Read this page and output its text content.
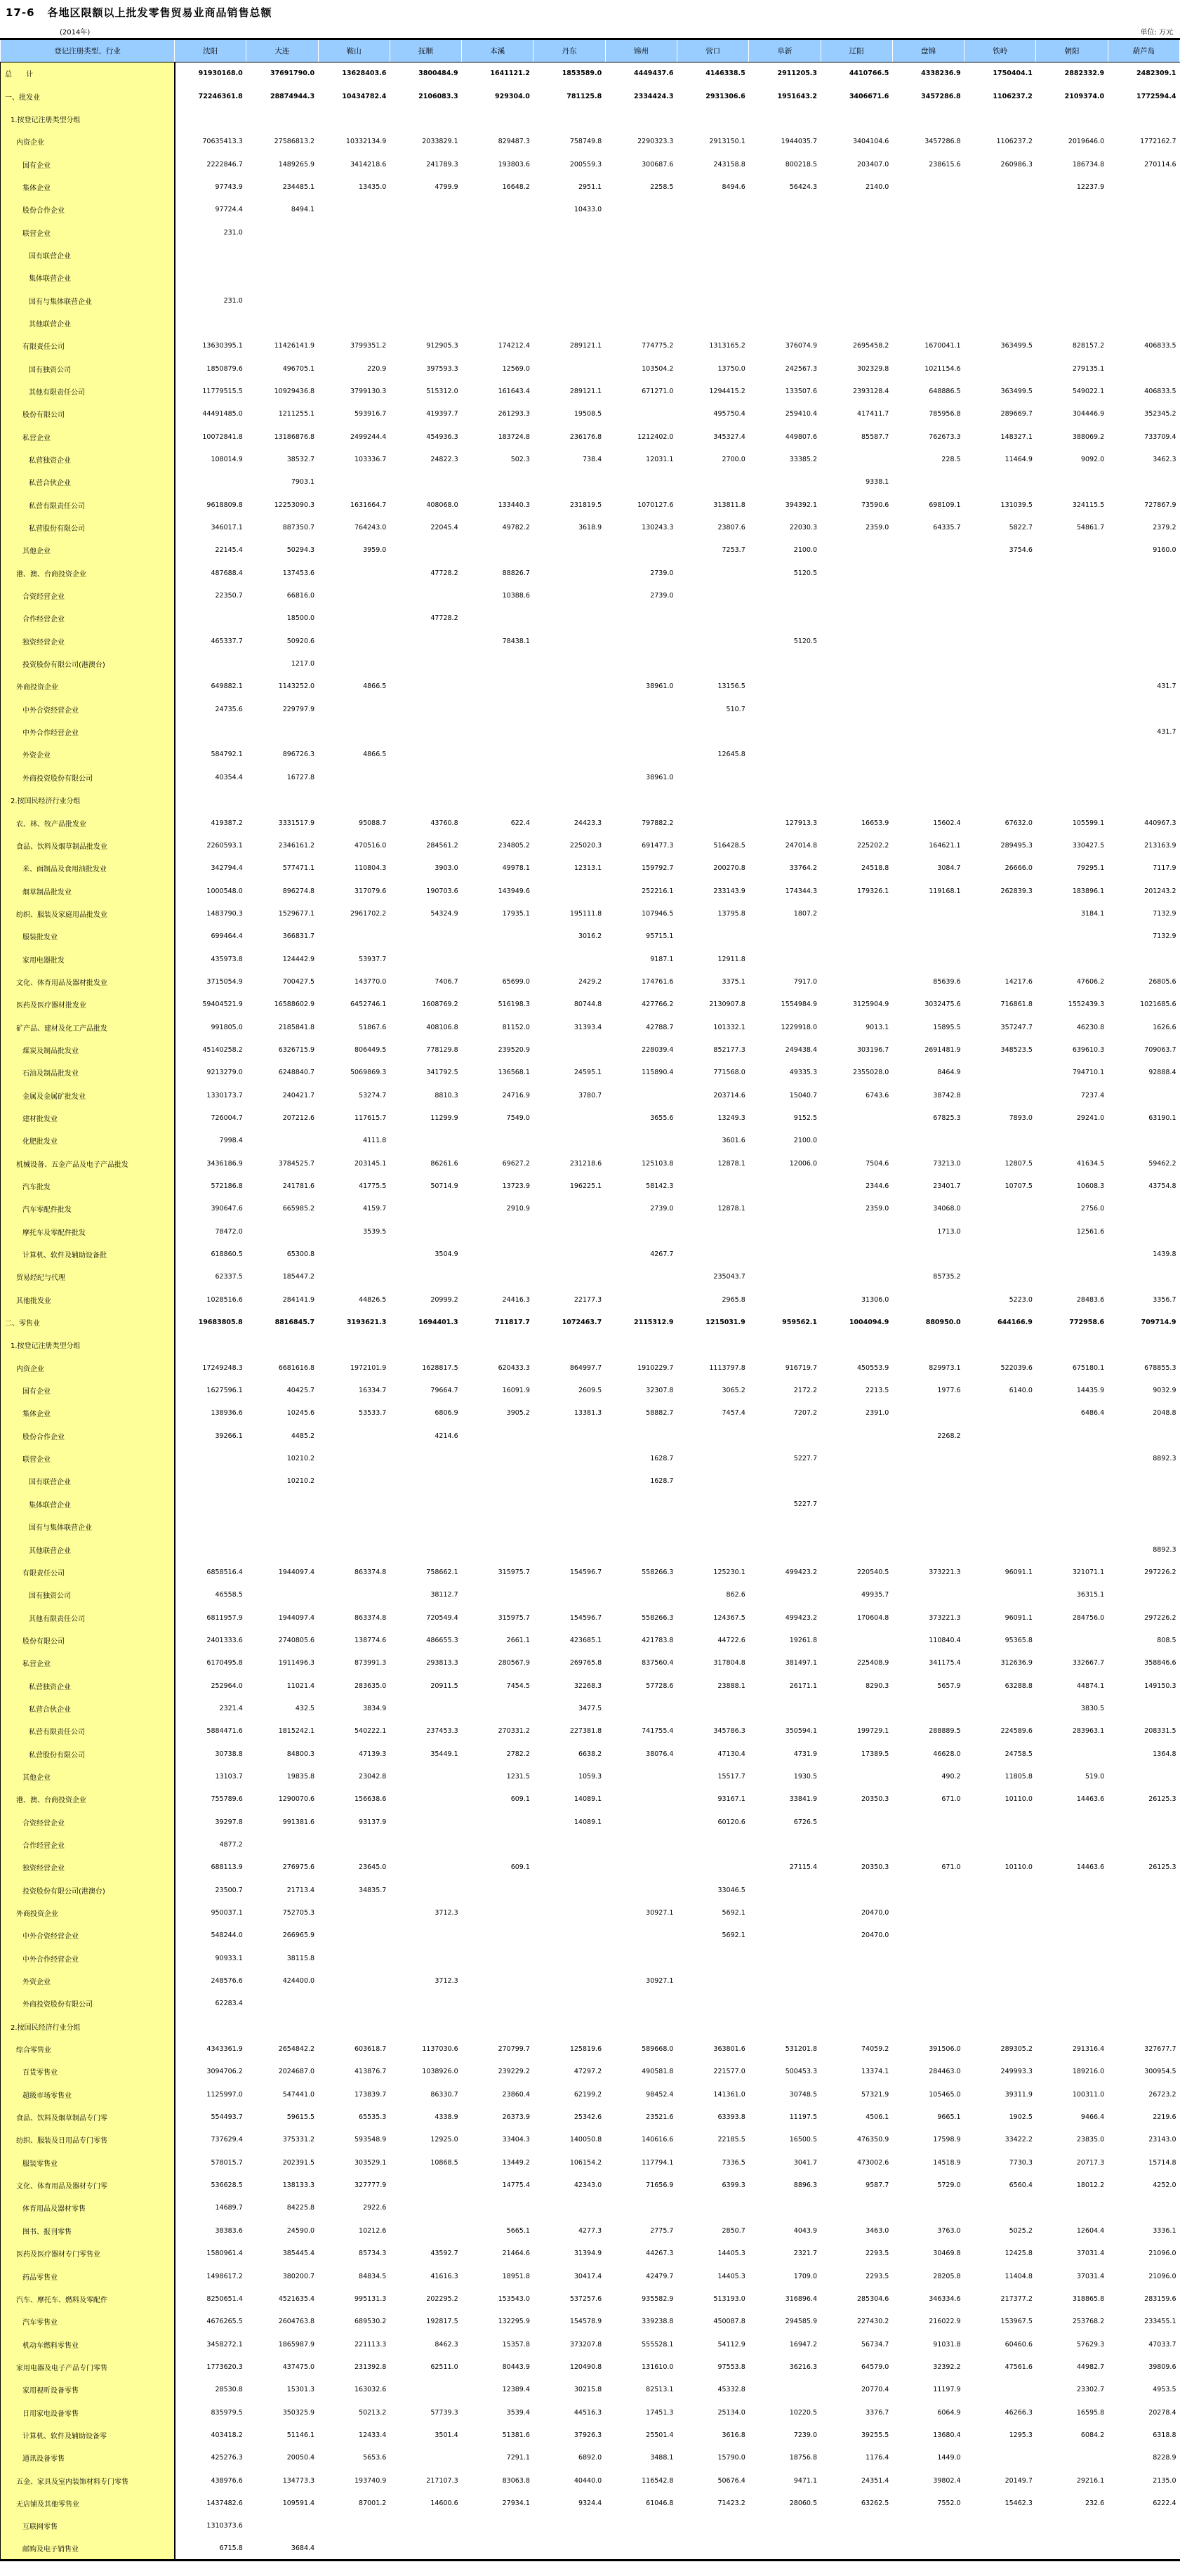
17-6 各地区限额以上批发零售贸易业商品销售总额
(2014年)	单位: 万元
登记注册类型、行业	沈阳	大连	鞍山	抚顺	本溪	丹东	锦州	营口	阜新	辽阳	盘锦	铁岭	朝阳	葫芦岛
总　　计	91930168.0	37691790.0	13628403.6	3800484.9	1641121.2	1853589.0	4449437.6	4146338.5	2911205.3	4410766.5	4338236.9	1750404.1	2882332.9	2482309.1
一、批发业	72246361.8	28874944.3	10434782.4	2106083.3	929304.0	781125.8	2334424.3	2931306.6	1951643.2	3406671.6	3457286.8	1106237.2	2109374.0	1772594.4
1.按登记注册类型分组														
内资企业	70635413.3	27586813.2	10332134.9	2033829.1	829487.3	758749.8	2290323.3	2913150.1	1944035.7	3404104.6	3457286.8	1106237.2	2019646.0	1772162.7
国有企业	2222846.7	1489265.9	3414218.6	241789.3	193803.6	200559.3	300687.6	243158.8	800218.5	203407.0	238615.6	260986.3	186734.8	270114.6
集体企业	97743.9	234485.1	13435.0	4799.9	16648.2	2951.1	2258.5	8494.6	56424.3	2140.0			12237.9	
股份合作企业	97724.4	8494.1				10433.0								
联营企业	231.0													
国有联营企业														
集体联营企业														
国有与集体联营企业	231.0													
其他联营企业														
有限责任公司	13630395.1	11426141.9	3799351.2	912905.3	174212.4	289121.1	774775.2	1313165.2	376074.9	2695458.2	1670041.1	363499.5	828157.2	406833.5
国有独资公司	1850879.6	496705.1	220.9	397593.3	12569.0		103504.2	13750.0	242567.3	302329.8	1021154.6		279135.1	
其他有限责任公司	11779515.5	10929436.8	3799130.3	515312.0	161643.4	289121.1	671271.0	1294415.2	133507.6	2393128.4	648886.5	363499.5	549022.1	406833.5
股份有限公司	44491485.0	1211255.1	593916.7	419397.7	261293.3	19508.5		495750.4	259410.4	417411.7	785956.8	289669.7	304446.9	352345.2
私营企业	10072841.8	13186876.8	2499244.4	454936.3	183724.8	236176.8	1212402.0	345327.4	449807.6	85587.7	762673.3	148327.1	388069.2	733709.4
私营独资企业	108014.9	38532.7	103336.7	24822.3	502.3	738.4	12031.1	2700.0	33385.2		228.5	11464.9	9092.0	3462.3
私营合伙企业		7903.1								9338.1				
私营有限责任公司	9618809.8	12253090.3	1631664.7	408068.0	133440.3	231819.5	1070127.6	313811.8	394392.1	73590.6	698109.1	131039.5	324115.5	727867.9
私营股份有限公司	346017.1	887350.7	764243.0	22045.4	49782.2	3618.9	130243.3	23807.6	22030.3	2359.0	64335.7	5822.7	54861.7	2379.2
其他企业	22145.4	50294.3	3959.0					7253.7	2100.0			3754.6		9160.0
港、澳、台商投资企业	487688.4	137453.6		47728.2	88826.7		2739.0		5120.5					
合资经营企业	22350.7	66816.0			10388.6		2739.0							
合作经营企业		18500.0		47728.2										
独资经营企业	465337.7	50920.6			78438.1				5120.5					
投资股份有限公司(港澳台)		1217.0												
外商投资企业	649882.1	1143252.0	4866.5				38961.0	13156.5						431.7
中外合资经营企业	24735.6	229797.9						510.7						
中外合作经营企业														431.7
外资企业	584792.1	896726.3	4866.5					12645.8						
外商投资股份有限公司	40354.4	16727.8					38961.0							
2.按国民经济行业分组														
农、林、牧产品批发业	419387.2	3331517.9	95088.7	43760.8	622.4	24423.3	797882.2		127913.3	16653.9	15602.4	67632.0	105599.1	440967.3
食品、饮料及烟草制品批发业	2260593.1	2346161.2	470516.0	284561.2	234805.2	225020.3	691477.3	516428.5	247014.8	225202.2	164621.1	289495.3	330427.5	213163.9
米、面制品及食用油批发业	342794.4	577471.1	110804.3	3903.0	49978.1	12313.1	159792.7	200270.8	33764.2	24518.8	3084.7	26666.0	79295.1	7117.9
烟草制品批发业	1000548.0	896274.8	317079.6	190703.6	143949.6		252216.1	233143.9	174344.3	179326.1	119168.1	262839.3	183896.1	201243.2
纺织、服装及家庭用品批发业	1483790.3	1529677.1	2961702.2	54324.9	17935.1	195111.8	107946.5	13795.8	1807.2				3184.1	7132.9
服装批发业	699464.4	366831.7				3016.2	95715.1							7132.9
家用电器批发	435973.8	124442.9	53937.7				9187.1	12911.8						
文化、体育用品及器材批发业	3715054.9	700427.5	143770.0	7406.7	65699.0	2429.2	174761.6	3375.1	7917.0		85639.6	14217.6	47606.2	26805.6
医药及医疗器材批发业	59404521.9	16588602.9	6452746.1	1608769.2	516198.3	80744.8	427766.2	2130907.8	1554984.9	3125904.9	3032475.6	716861.8	1552439.3	1021685.6
矿产品、建材及化工产品批发	991805.0	2185841.8	51867.6	408106.8	81152.0	31393.4	42788.7	101332.1	1229918.0	9013.1	15895.5	357247.7	46230.8	1626.6
煤炭及制品批发业	45140258.2	6326715.9	806449.5	778129.8	239520.9		228039.4	852177.3	249438.4	303196.7	2691481.9	348523.5	639610.3	709063.7
石油及制品批发业	9213279.0	6248840.7	5069869.3	341792.5	136568.1	24595.1	115890.4	771568.0	49335.3	2355028.0	8464.9		794710.1	92888.4
金属及金属矿批发业	1330173.7	240421.7	53274.7	8810.3	24716.9	3780.7		203714.6	15040.7	6743.6	38742.8		7237.4	
建材批发业	726004.7	207212.6	117615.7	11299.9	7549.0		3655.6	13249.3	9152.5		67825.3	7893.0	29241.0	63190.1
化肥批发业	7998.4		4111.8					3601.6	2100.0					
机械设备、五金产品及电子产品批发	3436186.9	3784525.7	203145.1	86261.6	69627.2	231218.6	125103.8	12878.1	12006.0	7504.6	73213.0	12807.5	41634.5	59462.2
汽车批发	572186.8	241781.6	41775.5	50714.9	13723.9	196225.1	58142.3			2344.6	23401.7	10707.5	10608.3	43754.8
汽车零配件批发	390647.6	665985.2	4159.7		2910.9		2739.0	12878.1		2359.0	34068.0		2756.0	
摩托车及零配件批发	78472.0		3539.5								1713.0		12561.6	
计算机、软件及辅助设备批	618860.5	65300.8		3504.9			4267.7							1439.8
贸易经纪与代理	62337.5	185447.2						235043.7			85735.2			
其他批发业	1028516.6	284141.9	44826.5	20999.2	24416.3	22177.3		2965.8		31306.0		5223.0	28483.6	3356.7
二、零售业	19683805.8	8816845.7	3193621.3	1694401.3	711817.7	1072463.7	2115312.9	1215031.9	959562.1	1004094.9	880950.0	644166.9	772958.6	709714.9
1.按登记注册类型分组														
内资企业	17249248.3	6681616.8	1972101.9	1628817.5	620433.3	864997.7	1910229.7	1113797.8	916719.7	450553.9	829973.1	522039.6	675180.1	678855.3
国有企业	1627596.1	40425.7	16334.7	79664.7	16091.9	2609.5	32307.8	3065.2	2172.2	2213.5	1977.6	6140.0	14435.9	9032.9
集体企业	138936.6	10245.6	53533.7	6806.9	3905.2	13381.3	58882.7	7457.4	7207.2	2391.0			6486.4	2048.8
股份合作企业	39266.1	4485.2		4214.6							2268.2			
联营企业		10210.2					1628.7		5227.7					8892.3
国有联营企业		10210.2					1628.7							
集体联营企业									5227.7					
国有与集体联营企业														
其他联营企业														8892.3
有限责任公司	6858516.4	1944097.4	863374.8	758662.1	315975.7	154596.7	558266.3	125230.1	499423.2	220540.5	373221.3	96091.1	321071.1	297226.2
国有独资公司	46558.5			38112.7				862.6		49935.7			36315.1	
其他有限责任公司	6811957.9	1944097.4	863374.8	720549.4	315975.7	154596.7	558266.3	124367.5	499423.2	170604.8	373221.3	96091.1	284756.0	297226.2
股份有限公司	2401333.6	2740805.6	138774.6	486655.3	2661.1	423685.1	421783.8	44722.6	19261.8		110840.4	95365.8		808.5
私营企业	6170495.8	1911496.3	873991.3	293813.3	280567.9	269765.8	837560.4	317804.8	381497.1	225408.9	341175.4	312636.9	332667.7	358846.6
私营独资企业	252964.0	11021.4	283635.0	20911.5	7454.5	32268.3	57728.6	23888.1	26171.1	8290.3	5657.9	63288.8	44874.1	149150.3
私营合伙企业	2321.4	432.5	3834.9			3477.5							3830.5	
私营有限责任公司	5884471.6	1815242.1	540222.1	237453.3	270331.2	227381.8	741755.4	345786.3	350594.1	199729.1	288889.5	224589.6	283963.1	208331.5
私营股份有限公司	30738.8	84800.3	47139.3	35449.1	2782.2	6638.2	38076.4	47130.4	4731.9	17389.5	46628.0	24758.5		1364.8
其他企业	13103.7	19835.8	23042.8		1231.5	1059.3		15517.7	1930.5		490.2	11805.8	519.0	
港、澳、台商投资企业	755789.6	1290070.6	156638.6		609.1	14089.1		93167.1	33841.9	20350.3	671.0	10110.0	14463.6	26125.3
合资经营企业	39297.8	991381.6	93137.9			14089.1		60120.6	6726.5					
合作经营企业	4877.2													
独资经营企业	688113.9	276975.6	23645.0		609.1				27115.4	20350.3	671.0	10110.0	14463.6	26125.3
投资股份有限公司(港澳台)	23500.7	21713.4	34835.7					33046.5						
外商投资企业	950037.1	752705.3		3712.3			30927.1	5692.1		20470.0				
中外合资经营企业	548244.0	266965.9						5692.1		20470.0				
中外合作经营企业	90933.1	38115.8												
外资企业	248576.6	424400.0		3712.3			30927.1							
外商投资股份有限公司	62283.4													
2.按国民经济行业分组														
综合零售业	4343361.9	2654842.2	603618.7	1137030.6	270799.7	125819.6	589668.0	363801.6	531201.8	74059.2	391506.0	289305.2	291316.4	327677.7
百货零售业	3094706.2	2024687.0	413876.7	1038926.0	239229.2	47297.2	490581.8	221577.0	500453.3	13374.1	284463.0	249993.3	189216.0	300954.5
超级市场零售业	1125997.0	547441.0	173839.7	86330.7	23860.4	62199.2	98452.4	141361.0	30748.5	57321.9	105465.0	39311.9	100311.0	26723.2
食品、饮料及烟草制品专门零	554493.7	59615.5	65535.3	4338.9	26373.9	25342.6	23521.6	63393.8	11197.5	4506.1	9665.1	1902.5	9466.4	2219.6
纺织、服装及日用品专门零售	737629.4	375331.2	593548.9	12925.0	33404.3	140050.8	140616.6	22185.5	16500.5	476350.9	17598.9	33422.2	23835.0	23143.0
服装零售业	578015.7	202391.5	303529.1	10868.5	13449.2	106154.2	117794.1	7336.5	3041.7	473002.6	14518.9	7730.3	20717.3	15714.8
文化、体育用品及器材专门零	536628.5	138133.3	327777.9		14775.4	42343.0	71656.9	6399.3	8896.3	9587.7	5729.0	6560.4	18012.2	4252.0
体育用品及器材零售	14689.7	84225.8	2922.6											
图书、报刊零售	38383.6	24590.0	10212.6		5665.1	4277.3	2775.7	2850.7	4043.9	3463.0	3763.0	5025.2	12604.4	3336.1
医药及医疗器材专门零售业	1580961.4	385445.4	85734.3	43592.7	21464.6	31394.9	44267.3	14405.3	2321.7	2293.5	30469.8	12425.8	37031.4	21096.0
药品零售业	1498617.2	380200.7	84834.5	41616.3	18951.8	30417.4	42479.7	14405.3	1709.0	2293.5	28205.8	11404.8	37031.4	21096.0
汽车、摩托车、燃料及零配件	8250651.4	4521635.4	995131.3	202295.2	153543.0	537257.6	935582.9	513193.0	316896.4	285304.6	346334.6	217377.2	318865.8	283159.6
汽车零售业	4676265.5	2604763.8	689530.2	192817.5	132295.9	154578.9	339238.8	450087.8	294585.9	227430.2	216022.9	153967.5	253768.2	233455.1
机动车燃料零售业	3458272.1	1865987.9	221113.3	8462.3	15357.8	373207.8	555528.1	54112.9	16947.2	56734.7	91031.8	60460.6	57629.3	47033.7
家用电器及电子产品专门零售	1773620.3	437475.0	231392.8	62511.0	80443.9	120490.8	131610.0	97553.8	36216.3	64579.0	32392.2	47561.6	44982.7	39809.6
家用视听设备零售	28530.8	15301.3	163032.6		12389.4	30215.8	82513.1	45332.8		20770.4	11197.9		23302.7	4953.5
日用家电设备零售	835979.5	350325.9	50213.2	57739.3	3539.4	44516.3	17451.3	25134.0	10220.5	3376.7	6064.9	46266.3	16595.8	20278.4
计算机、软件及辅助设备零	403418.2	51146.1	12433.4	3501.4	51381.6	37926.3	25501.4	3616.8	7239.0	39255.5	13680.4	1295.3	6084.2	6318.8
通讯设备零售	425276.3	20050.4	5653.6		7291.1	6892.0	3488.1	15790.0	18756.8	1176.4	1449.0			8228.9
五金、家具及室内装饰材料专门零售	438976.6	134773.3	193740.9	217107.3	83063.8	40440.0	116542.8	50676.4	9471.1	24351.4	39802.4	20149.7	29216.1	2135.0
无店铺及其他零售业	1437482.6	109591.4	87001.2	14600.6	27934.1	9324.4	61046.8	71423.2	28060.5	63262.5	7552.0	15462.3	232.6	6222.4
互联网零售	1310373.6													
邮购及电子销售业	6715.8	3684.4												
